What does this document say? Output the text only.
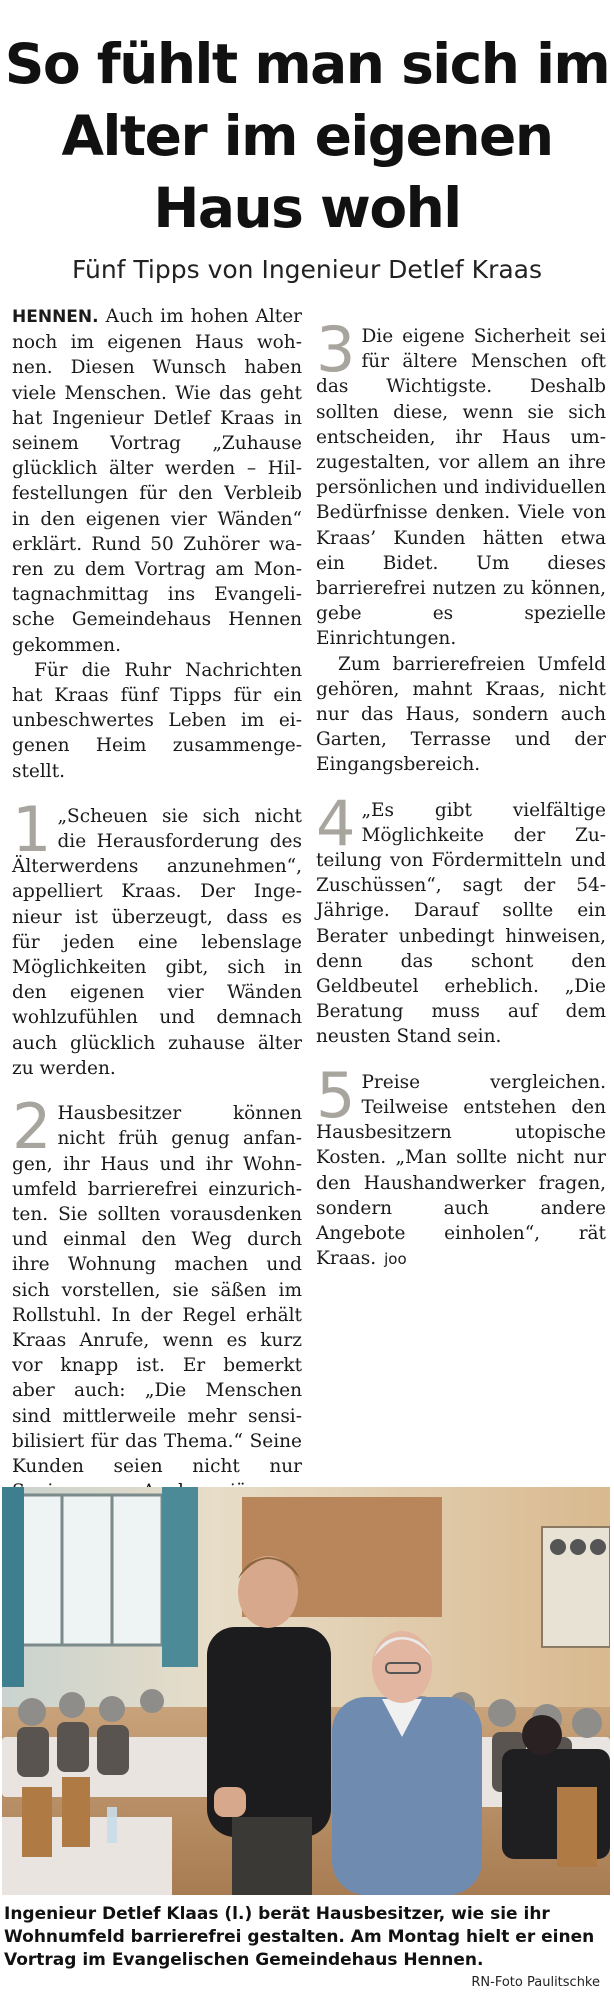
So fühlt man sich im
Alter im eigenen
Haus wohl
Fünf Tipps von Ingenieur Detlef Kraas

HENNEN. Auch im hohen Alter noch im eigenen Haus wohnen. Diesen Wunsch haben viele Menschen. Wie das geht hat Ingenieur Detlef Kraas in seinem Vortrag „Zuhause glücklich älter werden – Hilfestellungen für den Verbleib in den eigenen vier Wänden“ erklärt. Rund 50 Zuhörer waren zu dem Vortrag am Montagnachmittag ins Evangelische Gemeindehaus Hennen gekommen.

Für die Ruhr Nachrichten hat Kraas fünf Tipps für ein unbeschwertes Leben im eigenen Heim zusammengestellt.

1 „Scheuen sie sich nicht die Herausforderung des Älterwerdens anzunehmen“, appelliert Kraas. Der Ingenieur ist überzeugt, dass es für jeden eine lebenslage Möglichkeiten gibt, sich in den eigenen vier Wänden wohlzufühlen und demnach auch glücklich zuhause älter zu werden.

2 Hausbesitzer können nicht früh genug anfangen, ihr Haus und ihr Wohnumfeld barrierefrei einzurichten. Sie sollten vorausdenken und einmal den Weg durch ihre Wohnung machen und sich vorstellen, sie säßen im Rollstuhl. In der Regel erhält Kraas Anrufe, wenn es kurz vor knapp ist. Er bemerkt aber auch: „Die Menschen sind mittlerweile mehr sensibilisiert für das Thema.“ Seine Kunden seien nicht nur

3 Die eigene Sicherheit sei für ältere Menschen oft das Wichtigste. Deshalb sollten diese, wenn sie sich entscheiden, ihr Haus umzugestalten, vor allem an ihre persönlichen und individuellen Bedürfnisse denken. Viele von Kraas’ Kunden hätten etwa ein Bidet. Um dieses barrierefrei nutzen zu können, gebe es spezielle Einrichtungen.

Zum barrierefreien Umfeld gehören, mahnt Kraas, nicht nur das Haus, sondern auch Garten, Terrasse und der Eingangsbereich.

4 „Es gibt vielfältige Möglichkeite der Zuteilung von Fördermitteln und Zuschüssen“, sagt der 54-Jährige. Darauf sollte ein Berater unbedingt hinweisen, denn das schont den Geldbeutel erheblich. „Die Beratung muss auf dem neusten Stand sein.

5 Preise vergleichen. Teilweise entstehen den Hausbesitzern utopische Kosten. „Man sollte nicht nur den Haushandwerker fragen, sondern auch andere Angebote einholen“, rät Kraas. joo

Ingenieur Detlef Klaas (l.) berät Hausbesitzer, wie sie ihr Wohnumfeld barrierefrei gestalten. Am Montag hielt er einen Vortrag im Evangelischen Gemeindehaus Hennen.
RN-Foto Paulitschke
